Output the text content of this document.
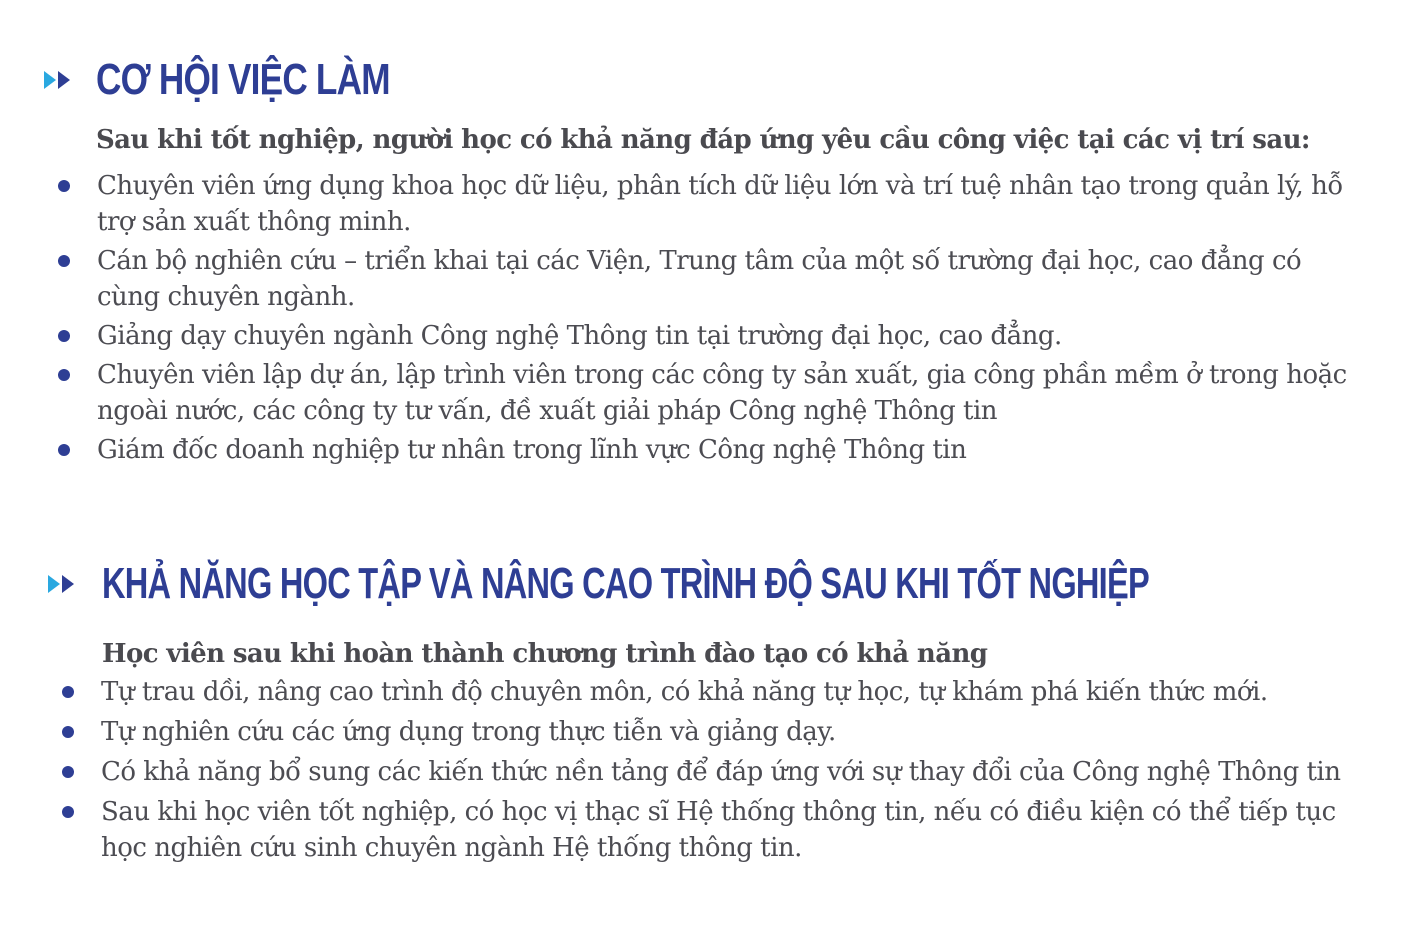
CƠ HỘI VIỆC LÀM
Sau khi tốt nghiệp, người học có khả năng đáp ứng yêu cầu công việc tại các vị trí sau:
Chuyên viên ứng dụng khoa học dữ liệu, phân tích dữ liệu lớn và trí tuệ nhân tạo trong quản lý, hỗ trợ sản xuất thông minh.
Cán bộ nghiên cứu – triển khai tại các Viện, Trung tâm của một số trường đại học, cao đẳng có cùng chuyên ngành.
Giảng dạy chuyên ngành Công nghệ Thông tin tại trường đại học, cao đẳng.
Chuyên viên lập dự án, lập trình viên trong các công ty sản xuất, gia công phần mềm ở trong hoặc ngoài nước, các công ty tư vấn, đề xuất giải pháp Công nghệ Thông tin
Giám đốc doanh nghiệp tư nhân trong lĩnh vực Công nghệ Thông tin
KHẢ NĂNG HỌC TẬP VÀ NÂNG CAO TRÌNH ĐỘ SAU KHI TỐT NGHIỆP
Học viên sau khi hoàn thành chương trình đào tạo có khả năng
Tự trau dồi, nâng cao trình độ chuyên môn, có khả năng tự học, tự khám phá kiến thức mới.
Tự nghiên cứu các ứng dụng trong thực tiễn và giảng dạy.
Có khả năng bổ sung các kiến thức nền tảng để đáp ứng với sự thay đổi của Công nghệ Thông tin
Sau khi học viên tốt nghiệp, có học vị thạc sĩ Hệ thống thông tin, nếu có điều kiện có thể tiếp tục học nghiên cứu sinh chuyên ngành Hệ thống thông tin.
